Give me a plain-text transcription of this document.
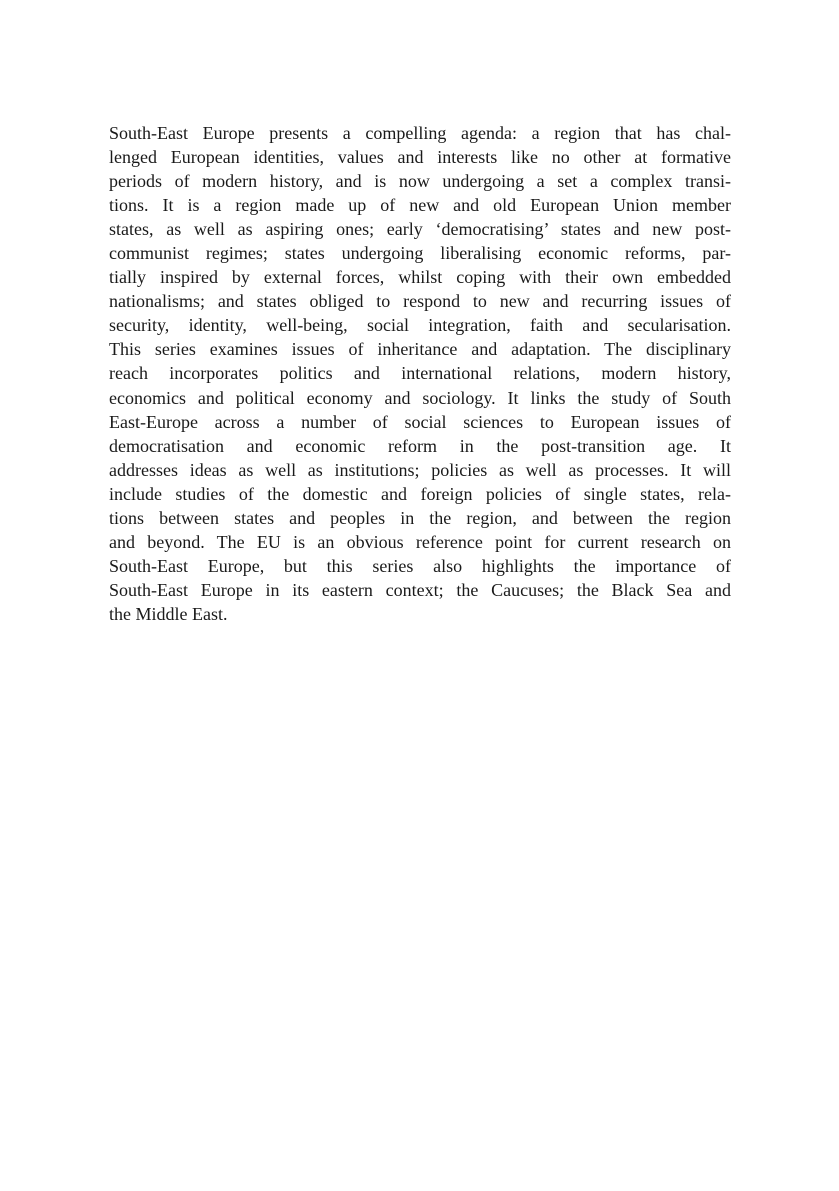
South-East Europe presents a compelling agenda: a region that has chal-
lenged European identities, values and interests like no other at formative
periods of modern history, and is now undergoing a set a complex transi-
tions. It is a region made up of new and old European Union member
states, as well as aspiring ones; early ‘democratising’ states and new post-
communist regimes; states undergoing liberalising economic reforms, par-
tially inspired by external forces, whilst coping with their own embedded
nationalisms; and states obliged to respond to new and recurring issues of
security, identity, well-being, social integration, faith and secularisation.
This series examines issues of inheritance and adaptation. The disciplinary
reach incorporates politics and international relations, modern history,
economics and political economy and sociology. It links the study of South
East-Europe across a number of social sciences to European issues of
democratisation and economic reform in the post-transition age. It
addresses ideas as well as institutions; policies as well as processes. It will
include studies of the domestic and foreign policies of single states, rela-
tions between states and peoples in the region, and between the region
and beyond. The EU is an obvious reference point for current research on
South-East Europe, but this series also highlights the importance of
South-East Europe in its eastern context; the Caucuses; the Black Sea and
the Middle East.
